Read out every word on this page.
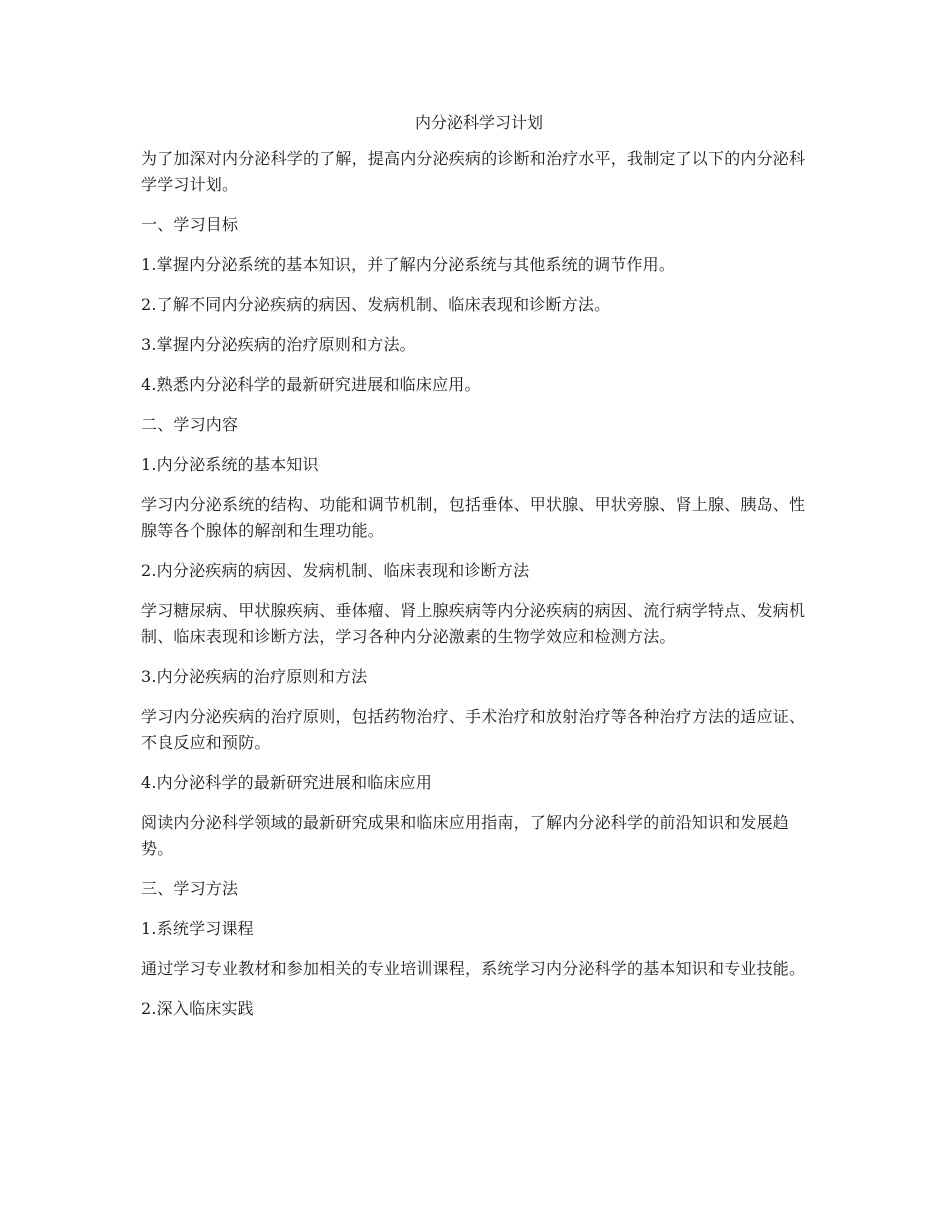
内分泌科学习计划
为了加深对内分泌科学的了解，提高内分泌疾病的诊断和治疗水平，我制定了以下的内分泌科学学习计划。
一、学习目标
1.掌握内分泌系统的基本知识，并了解内分泌系统与其他系统的调节作用。
2.了解不同内分泌疾病的病因、发病机制、临床表现和诊断方法。
3.掌握内分泌疾病的治疗原则和方法。
4.熟悉内分泌科学的最新研究进展和临床应用。
二、学习内容
1.内分泌系统的基本知识
学习内分泌系统的结构、功能和调节机制，包括垂体、甲状腺、甲状旁腺、肾上腺、胰岛、性腺等各个腺体的解剖和生理功能。
2.内分泌疾病的病因、发病机制、临床表现和诊断方法
学习糖尿病、甲状腺疾病、垂体瘤、肾上腺疾病等内分泌疾病的病因、流行病学特点、发病机制、临床表现和诊断方法，学习各种内分泌激素的生物学效应和检测方法。
3.内分泌疾病的治疗原则和方法
学习内分泌疾病的治疗原则，包括药物治疗、手术治疗和放射治疗等各种治疗方法的适应证、不良反应和预防。
4.内分泌科学的最新研究进展和临床应用
阅读内分泌科学领域的最新研究成果和临床应用指南，了解内分泌科学的前沿知识和发展趋势。
三、学习方法
1.系统学习课程
通过学习专业教材和参加相关的专业培训课程，系统学习内分泌科学的基本知识和专业技能。
2.深入临床实践
